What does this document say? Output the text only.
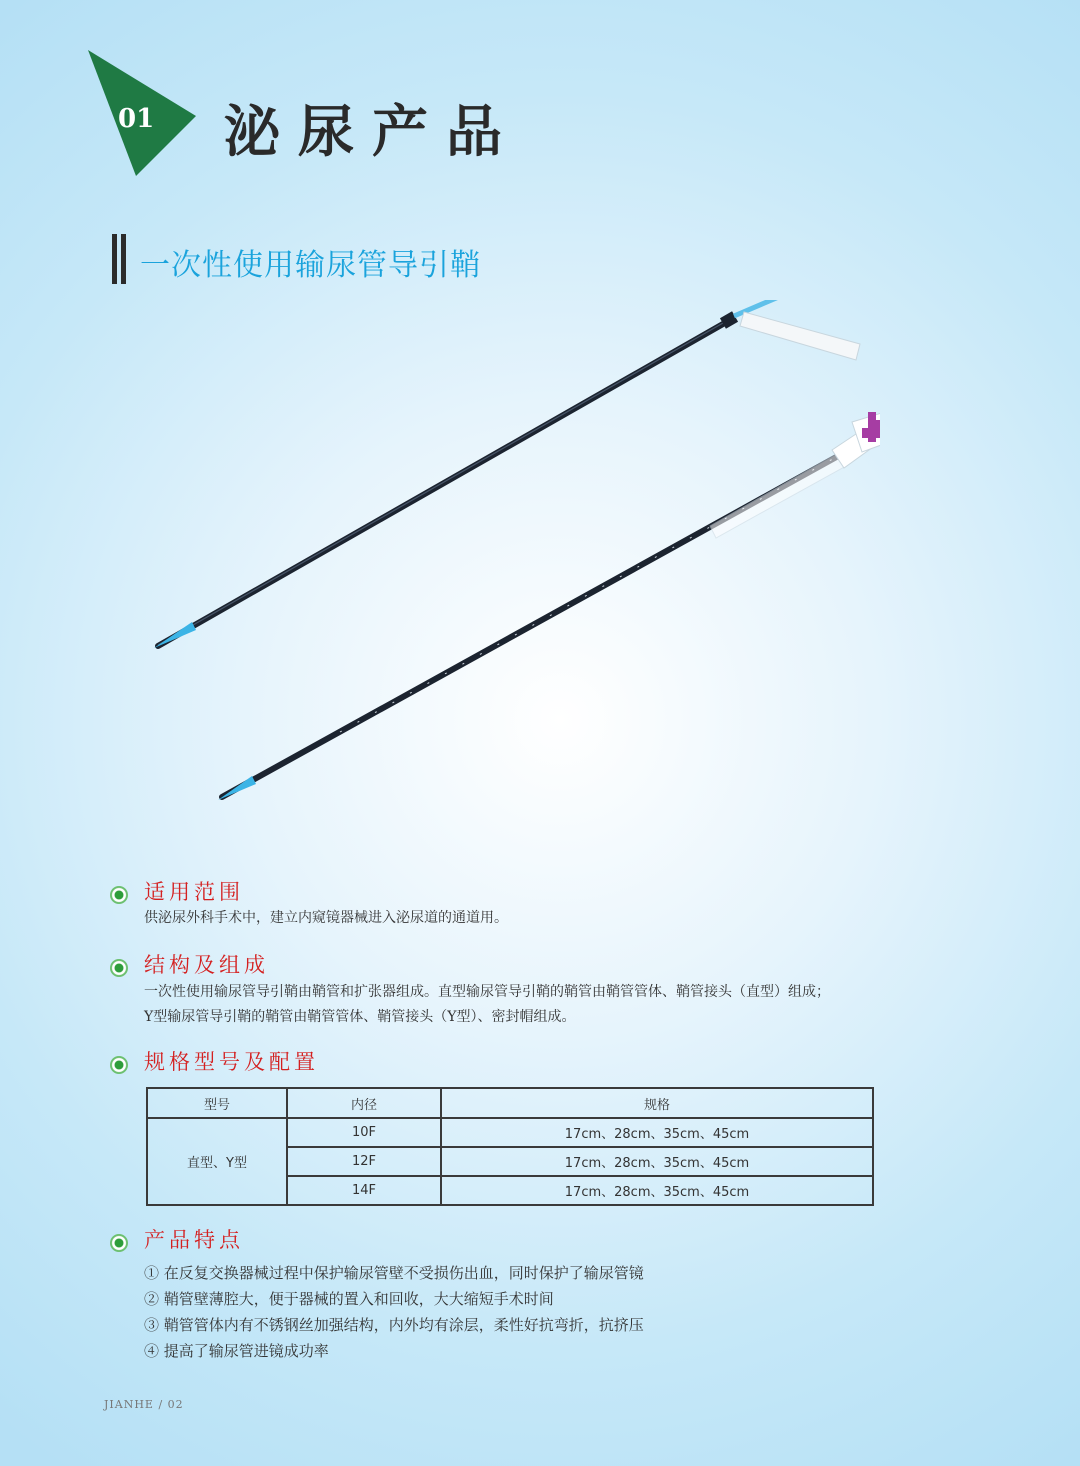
01	泌尿产品
一次性使用输尿管导引鞘
适用范围
供泌尿外科手术中，建立内窥镜器械进入泌尿道的通道用。
结构及组成
一次性使用输尿管导引鞘由鞘管和扩张器组成。直型输尿管导引鞘的鞘管由鞘管管体、鞘管接头（直型）组成；
Y型输尿管导引鞘的鞘管由鞘管管体、鞘管接头（Y型）、密封帽组成。
规格型号及配置
型号	内径	规格
直型、Y型	10F	17cm、28cm、35cm、45cm
	12F	17cm、28cm、35cm、45cm
	14F	17cm、28cm、35cm、45cm
产品特点
① 在反复交换器械过程中保护输尿管壁不受损伤出血，同时保护了输尿管镜
② 鞘管壁薄腔大，便于器械的置入和回收，大大缩短手术时间
③ 鞘管管体内有不锈钢丝加强结构，内外均有涂层，柔性好抗弯折，抗挤压
④ 提高了输尿管进镜成功率
JIANHE / 02
